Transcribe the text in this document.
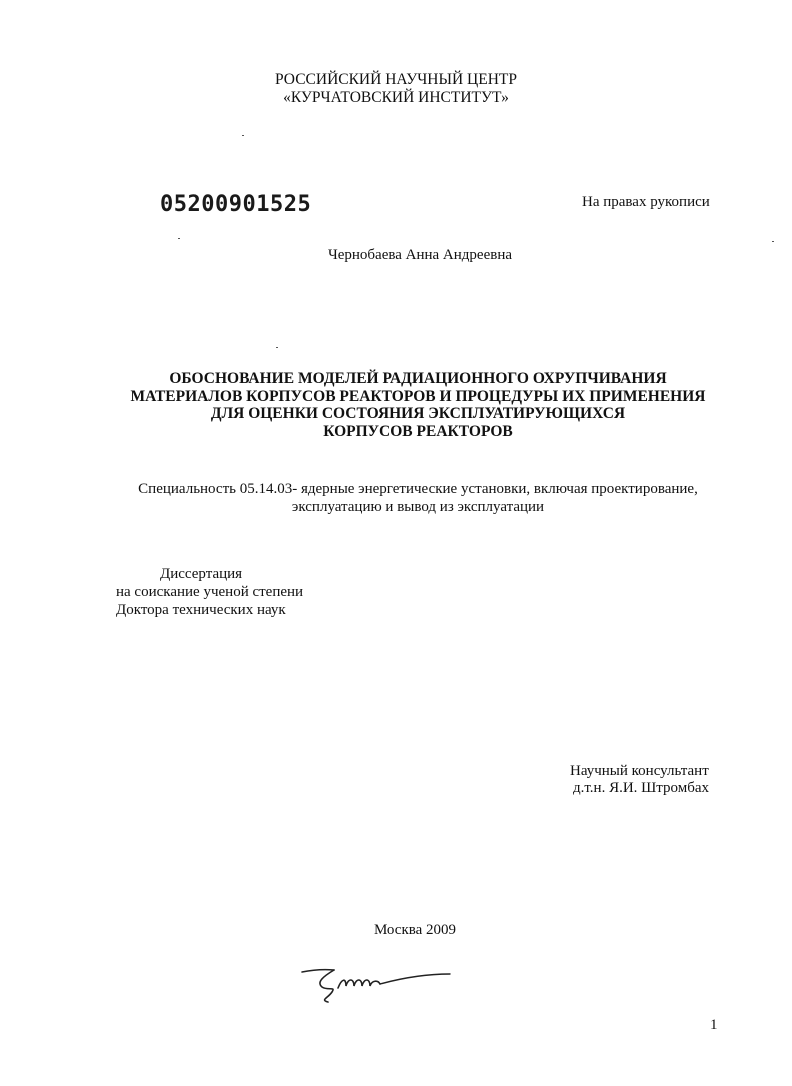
РОССИЙСКИЙ НАУЧНЫЙ ЦЕНТР
«КУРЧАТОВСКИЙ ИНСТИТУТ»
05200901525	На правах рукописи
Чернобаева Анна Андреевна
ОБОСНОВАНИЕ МОДЕЛЕЙ РАДИАЦИОННОГО ОХРУПЧИВАНИЯ
МАТЕРИАЛОВ КОРПУСОВ РЕАКТОРОВ И ПРОЦЕДУРЫ ИХ ПРИМЕНЕНИЯ
ДЛЯ ОЦЕНКИ СОСТОЯНИЯ ЭКСПЛУАТИРУЮЩИХСЯ
КОРПУСОВ РЕАКТОРОВ
Специальность 05.14.03- ядерные энергетические установки, включая проектирование,
эксплуатацию и вывод из эксплуатации
Диссертация
на соискание ученой степени
Доктора технических наук
Научный консультант
д.т.н. Я.И. Штромбах
Москва 2009
1
